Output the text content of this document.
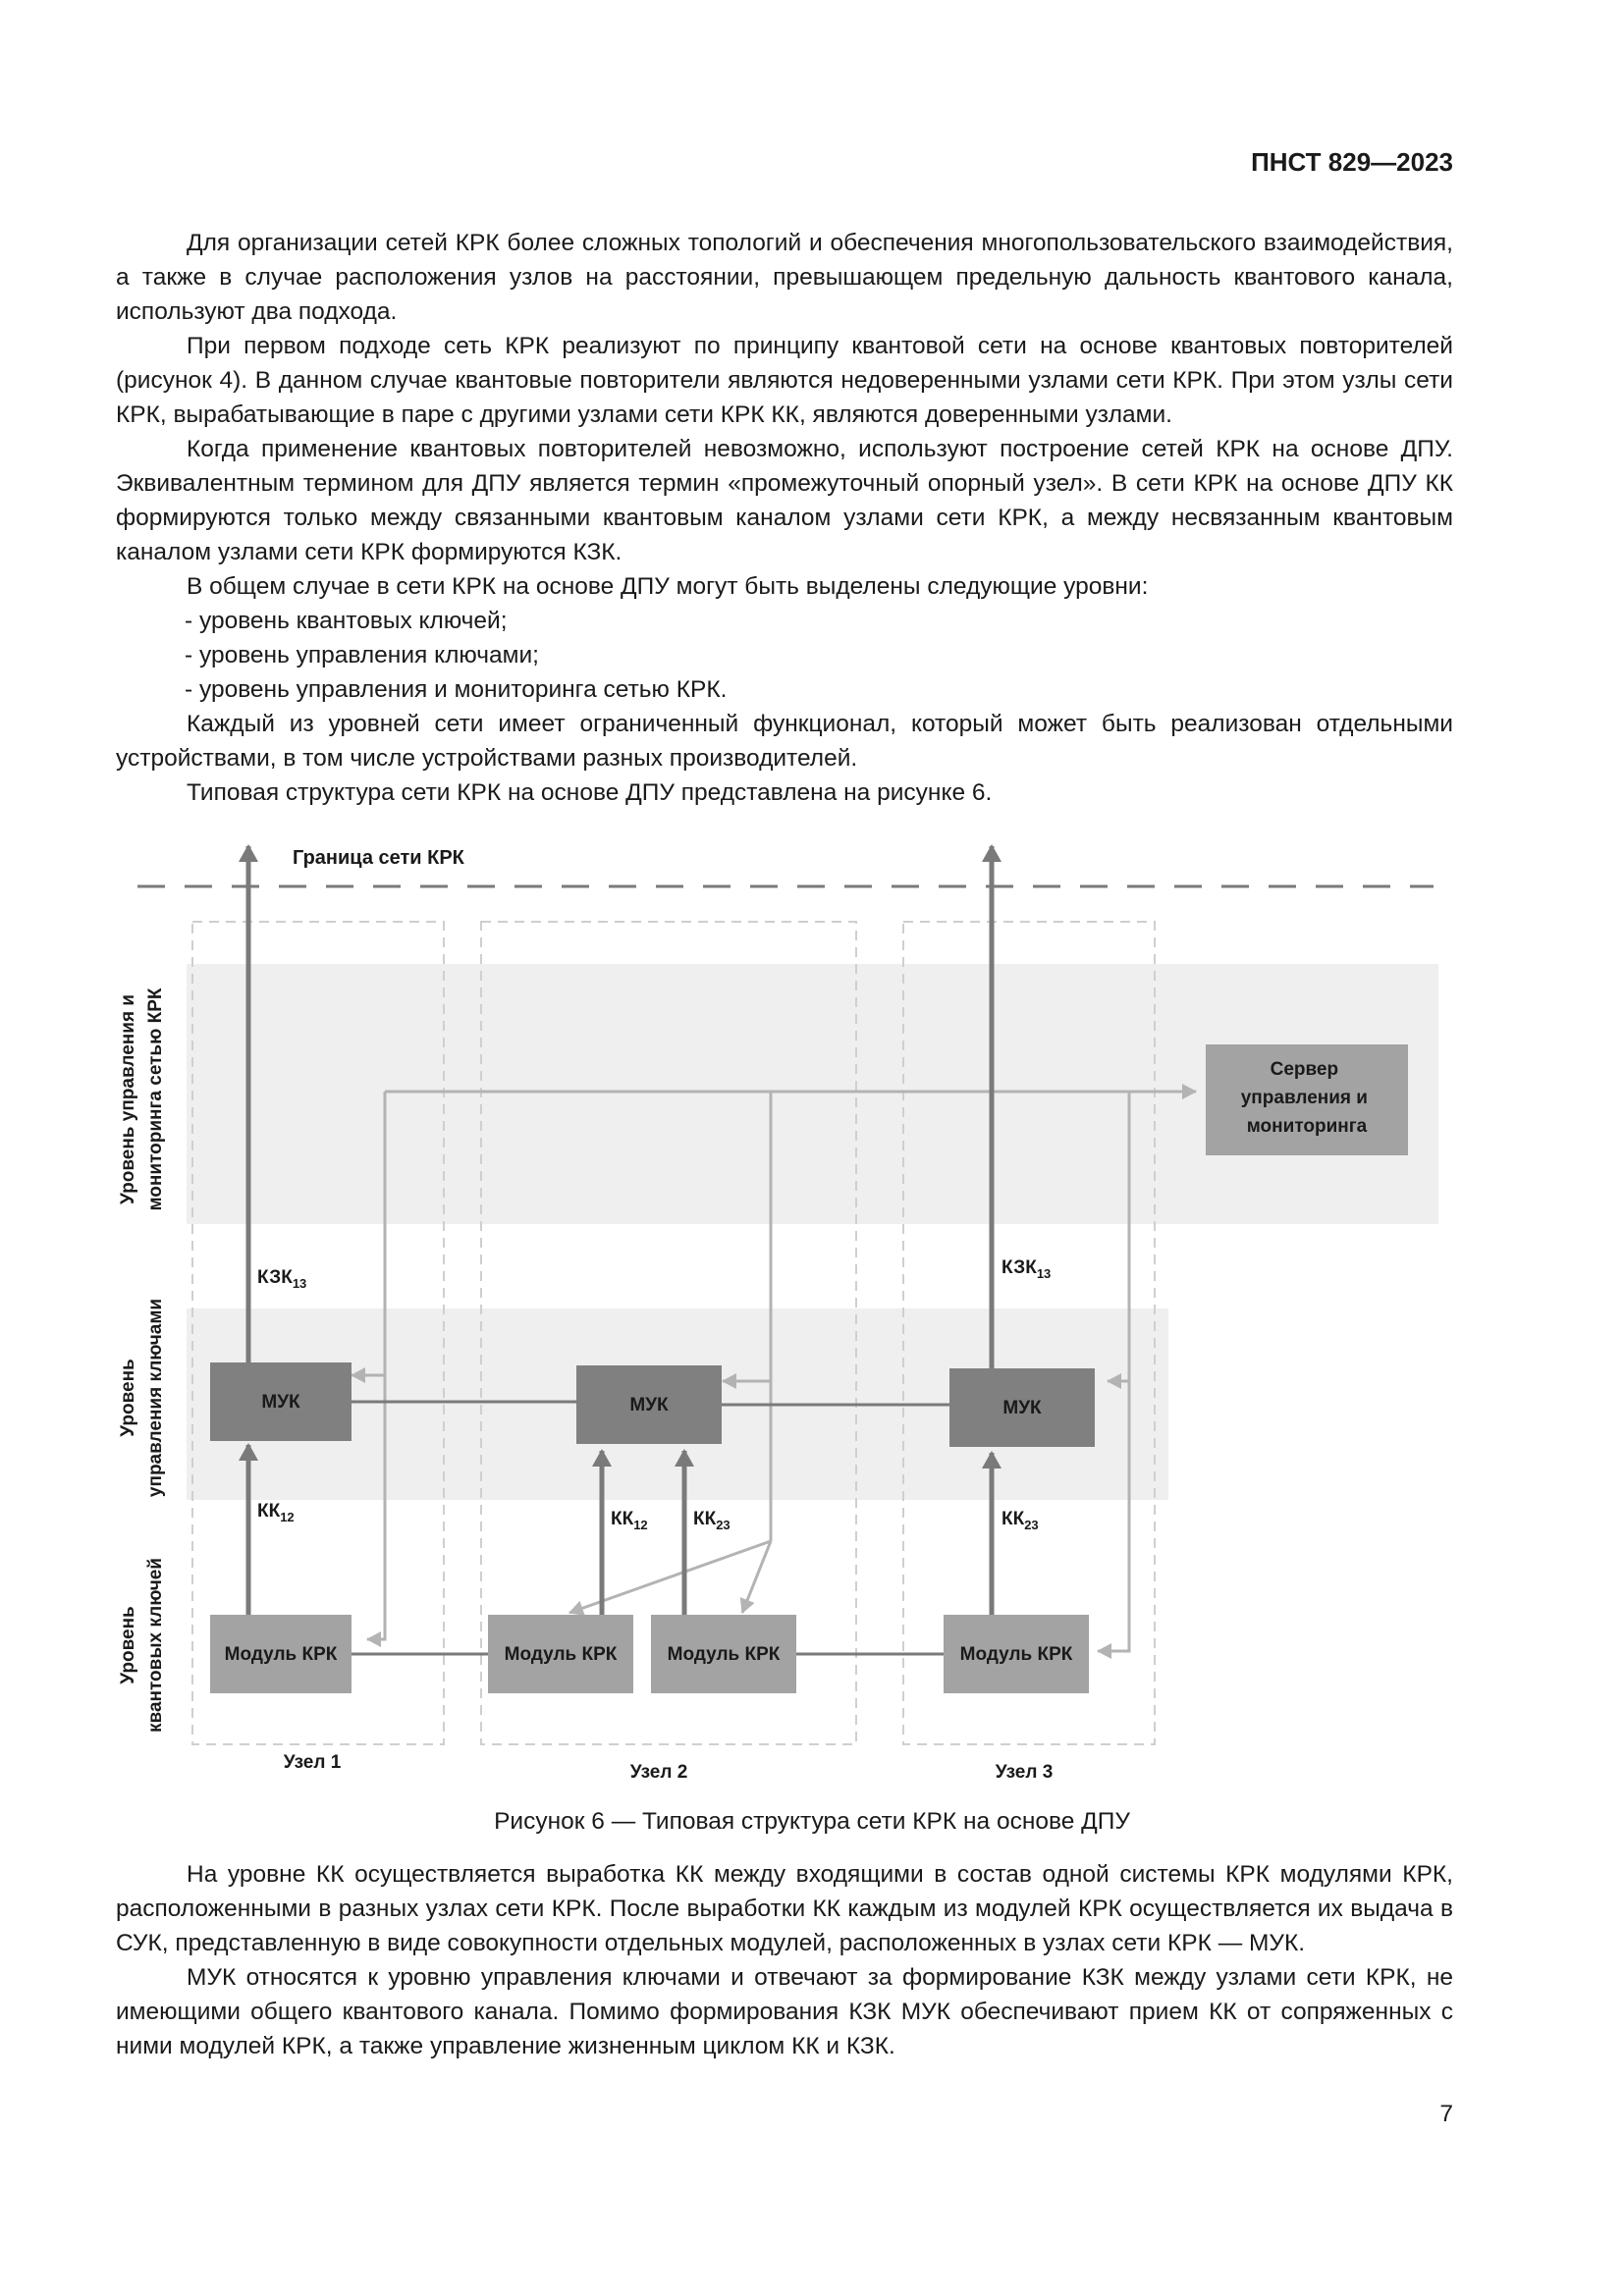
ПНСТ 829—2023

Для организации сетей КРК более сложных топологий и обеспечения многопользовательского взаимодействия, а также в случае расположения узлов на расстоянии, превышающем предельную дальность квантового канала, используют два подхода.

При первом подходе сеть КРК реализуют по принципу квантовой сети на основе квантовых повторителей (рисунок 4). В данном случае квантовые повторители являются недоверенными узлами сети КРК. При этом узлы сети КРК, вырабатывающие в паре с другими узлами сети КРК КК, являются доверенными узлами.

Когда применение квантовых повторителей невозможно, используют построение сетей КРК на основе ДПУ. Эквивалентным термином для ДПУ является термин «промежуточный опорный узел». В сети КРК на основе ДПУ КК формируются только между связанными квантовым каналом узлами сети КРК, а между несвязанным квантовым каналом узлами сети КРК формируются КЗК.

В общем случае в сети КРК на основе ДПУ могут быть выделены следующие уровни:

- уровень квантовых ключей;

- уровень управления ключами;

- уровень управления и мониторинга сетью КРК.

Каждый из уровней сети имеет ограниченный функционал, который может быть реализован отдельными устройствами, в том числе устройствами разных производителей.

Типовая структура сети КРК на основе ДПУ представлена на рисунке 6.

Граница сети КРК
Уровень управления и мониторинга сетью КРК
Уровень управления ключами
Уровень квантовых ключей
Сервер управления и мониторинга
МУК	МУК	МУК
Модуль КРК	Модуль КРК	Модуль КРК	Модуль КРК
$КЗК_{13}$
$КЗК_{13}$
$КК_{12}$	$КК_{12}$ $КК_{23}$	$КК_{23}$
Узел 1	Узел 2	Узел 3
Рисунок 6 — Типовая структура сети КРК на основе ДПУ

На уровне КК осуществляется выработка КК между входящими в состав одной системы КРК модулями КРК, расположенными в разных узлах сети КРК. После выработки КК каждым из модулей КРК осуществляется их выдача в СУК, представленную в виде совокупности отдельных модулей, расположенных в узлах сети КРК — МУК.

МУК относятся к уровню управления ключами и отвечают за формирование КЗК между узлами сети КРК, не имеющими общего квантового канала. Помимо формирования КЗК МУК обеспечивают прием КК от сопряженных с ними модулей КРК, а также управление жизненным циклом КК и КЗК.

7
